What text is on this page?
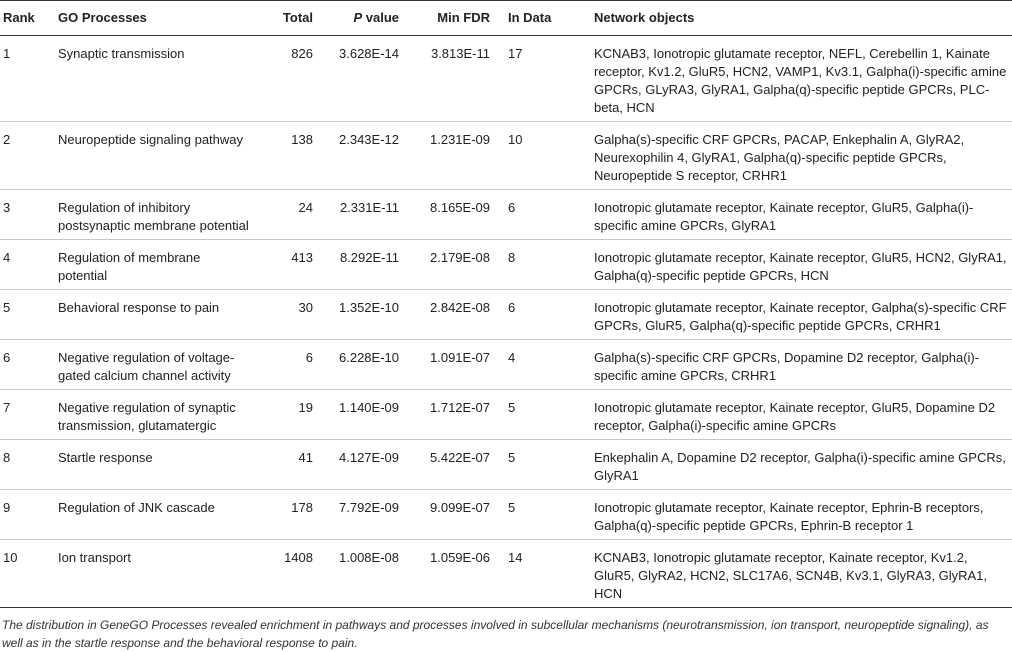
Rank	GO Processes	Total	P value	Min FDR	In Data	Network objects
1	Synaptic transmission	826	3.628E-14	3.813E-11	17	KCNAB3, Ionotropic glutamate receptor, NEFL, Cerebellin 1, Kainate receptor, Kv1.2, GluR5, HCN2, VAMP1, Kv3.1, Galpha(i)-specific amine GPCRs, GLyRA3, GlyRA1, Galpha(q)-specific peptide GPCRs, PLC-beta, HCN
2	Neuropeptide signaling pathway	138	2.343E-12	1.231E-09	10	Galpha(s)-specific CRF GPCRs, PACAP, Enkephalin A, GlyRA2, Neurexophilin 4, GlyRA1, Galpha(q)-specific peptide GPCRs, Neuropeptide S receptor, CRHR1
3	Regulation of inhibitory postsynaptic membrane potential	24	2.331E-11	8.165E-09	6	Ionotropic glutamate receptor, Kainate receptor, GluR5, Galpha(i)-specific amine GPCRs, GlyRA1
4	Regulation of membrane potential	413	8.292E-11	2.179E-08	8	Ionotropic glutamate receptor, Kainate receptor, GluR5, HCN2, GlyRA1, Galpha(q)-specific peptide GPCRs, HCN
5	Behavioral response to pain	30	1.352E-10	2.842E-08	6	Ionotropic glutamate receptor, Kainate receptor, Galpha(s)-specific CRF GPCRs, GluR5, Galpha(q)-specific peptide GPCRs, CRHR1
6	Negative regulation of voltage-gated calcium channel activity	6	6.228E-10	1.091E-07	4	Galpha(s)-specific CRF GPCRs, Dopamine D2 receptor, Galpha(i)-specific amine GPCRs, CRHR1
7	Negative regulation of synaptic transmission, glutamatergic	19	1.140E-09	1.712E-07	5	Ionotropic glutamate receptor, Kainate receptor, GluR5, Dopamine D2 receptor, Galpha(i)-specific amine GPCRs
8	Startle response	41	4.127E-09	5.422E-07	5	Enkephalin A, Dopamine D2 receptor, Galpha(i)-specific amine GPCRs, GlyRA1
9	Regulation of JNK cascade	178	7.792E-09	9.099E-07	5	Ionotropic glutamate receptor, Kainate receptor, Ephrin-B receptors, Galpha(q)-specific peptide GPCRs, Ephrin-B receptor 1
10	Ion transport	1408	1.008E-08	1.059E-06	14	KCNAB3, Ionotropic glutamate receptor, Kainate receptor, Kv1.2, GluR5, GlyRA2, HCN2, SLC17A6, SCN4B, Kv3.1, GlyRA3, GlyRA1, HCN

The distribution in GeneGO Processes revealed enrichment in pathways and processes involved in subcellular mechanisms (neurotransmission, ion transport, neuropeptide signaling), as well as in the startle response and the behavioral response to pain.
